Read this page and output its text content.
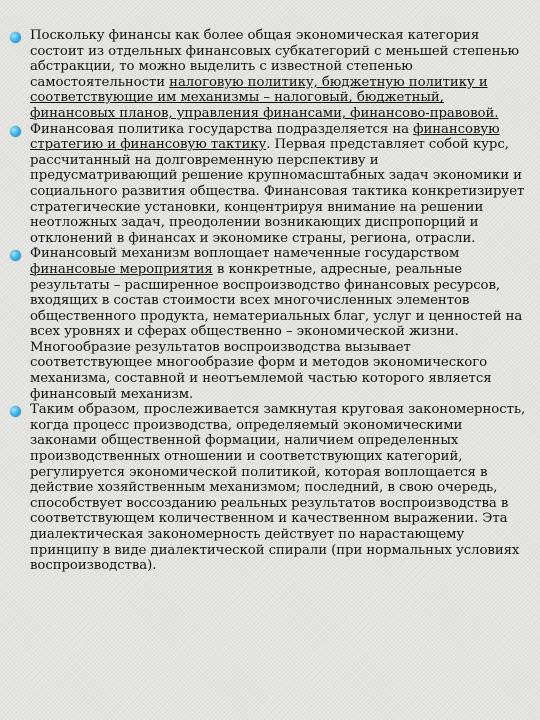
Поскольку финансы как более общая экономическая категория состоит из отдельных финансовых субкатегорий с меньшей степенью абстракции, то можно выделить с известной степенью самостоятельности налоговую политику, бюджетную политику и соответствующие им механизмы – налоговый, бюджетный, финансовых планов, управления финансами, финансово-правовой.
Финансовая политика государства подразделяется на финансовую стратегию и финансовую тактику. Первая представляет собой курс, рассчитанный на долговременную перспективу и предусматривающий решение крупномасштабных задач экономики и социального развития общества. Финансовая тактика конкретизирует стратегические установки, концентрируя внимание на решении неотложных задач, преодолении возникающих диспропорций и отклонений в финансах и экономике страны, региона, отрасли.
Финансовый механизм воплощает намеченные государством финансовые мероприятия в конкретные, адресные, реальные результаты – расширенное воспроизводство финансовых ресурсов, входящих в состав стоимости всех многочисленных элементов общественного продукта, нематериальных благ, услуг и ценностей на всех уровнях и сферах общественно – экономической жизни. Многообразие результатов воспроизводства вызывает соответствующее многообразие форм и методов экономического механизма, составной и неотъемлемой частью которого является финансовый механизм.
Таким образом, прослеживается замкнутая круговая закономерность, когда процесс производства, определяемый экономическими законами общественной формации, наличием определенных производственных отношении и соответствующих категорий, регулируется экономической политикой, которая воплощается в действие хозяйственным механизмом; последний, в свою очередь, способствует воссозданию реальных результатов воспроизводства в соответствующем количественном и качественном выражении. Эта диалектическая закономерность действует по нарастающему принципу в виде диалектической спирали (при нормальных условиях воспроизводства).
